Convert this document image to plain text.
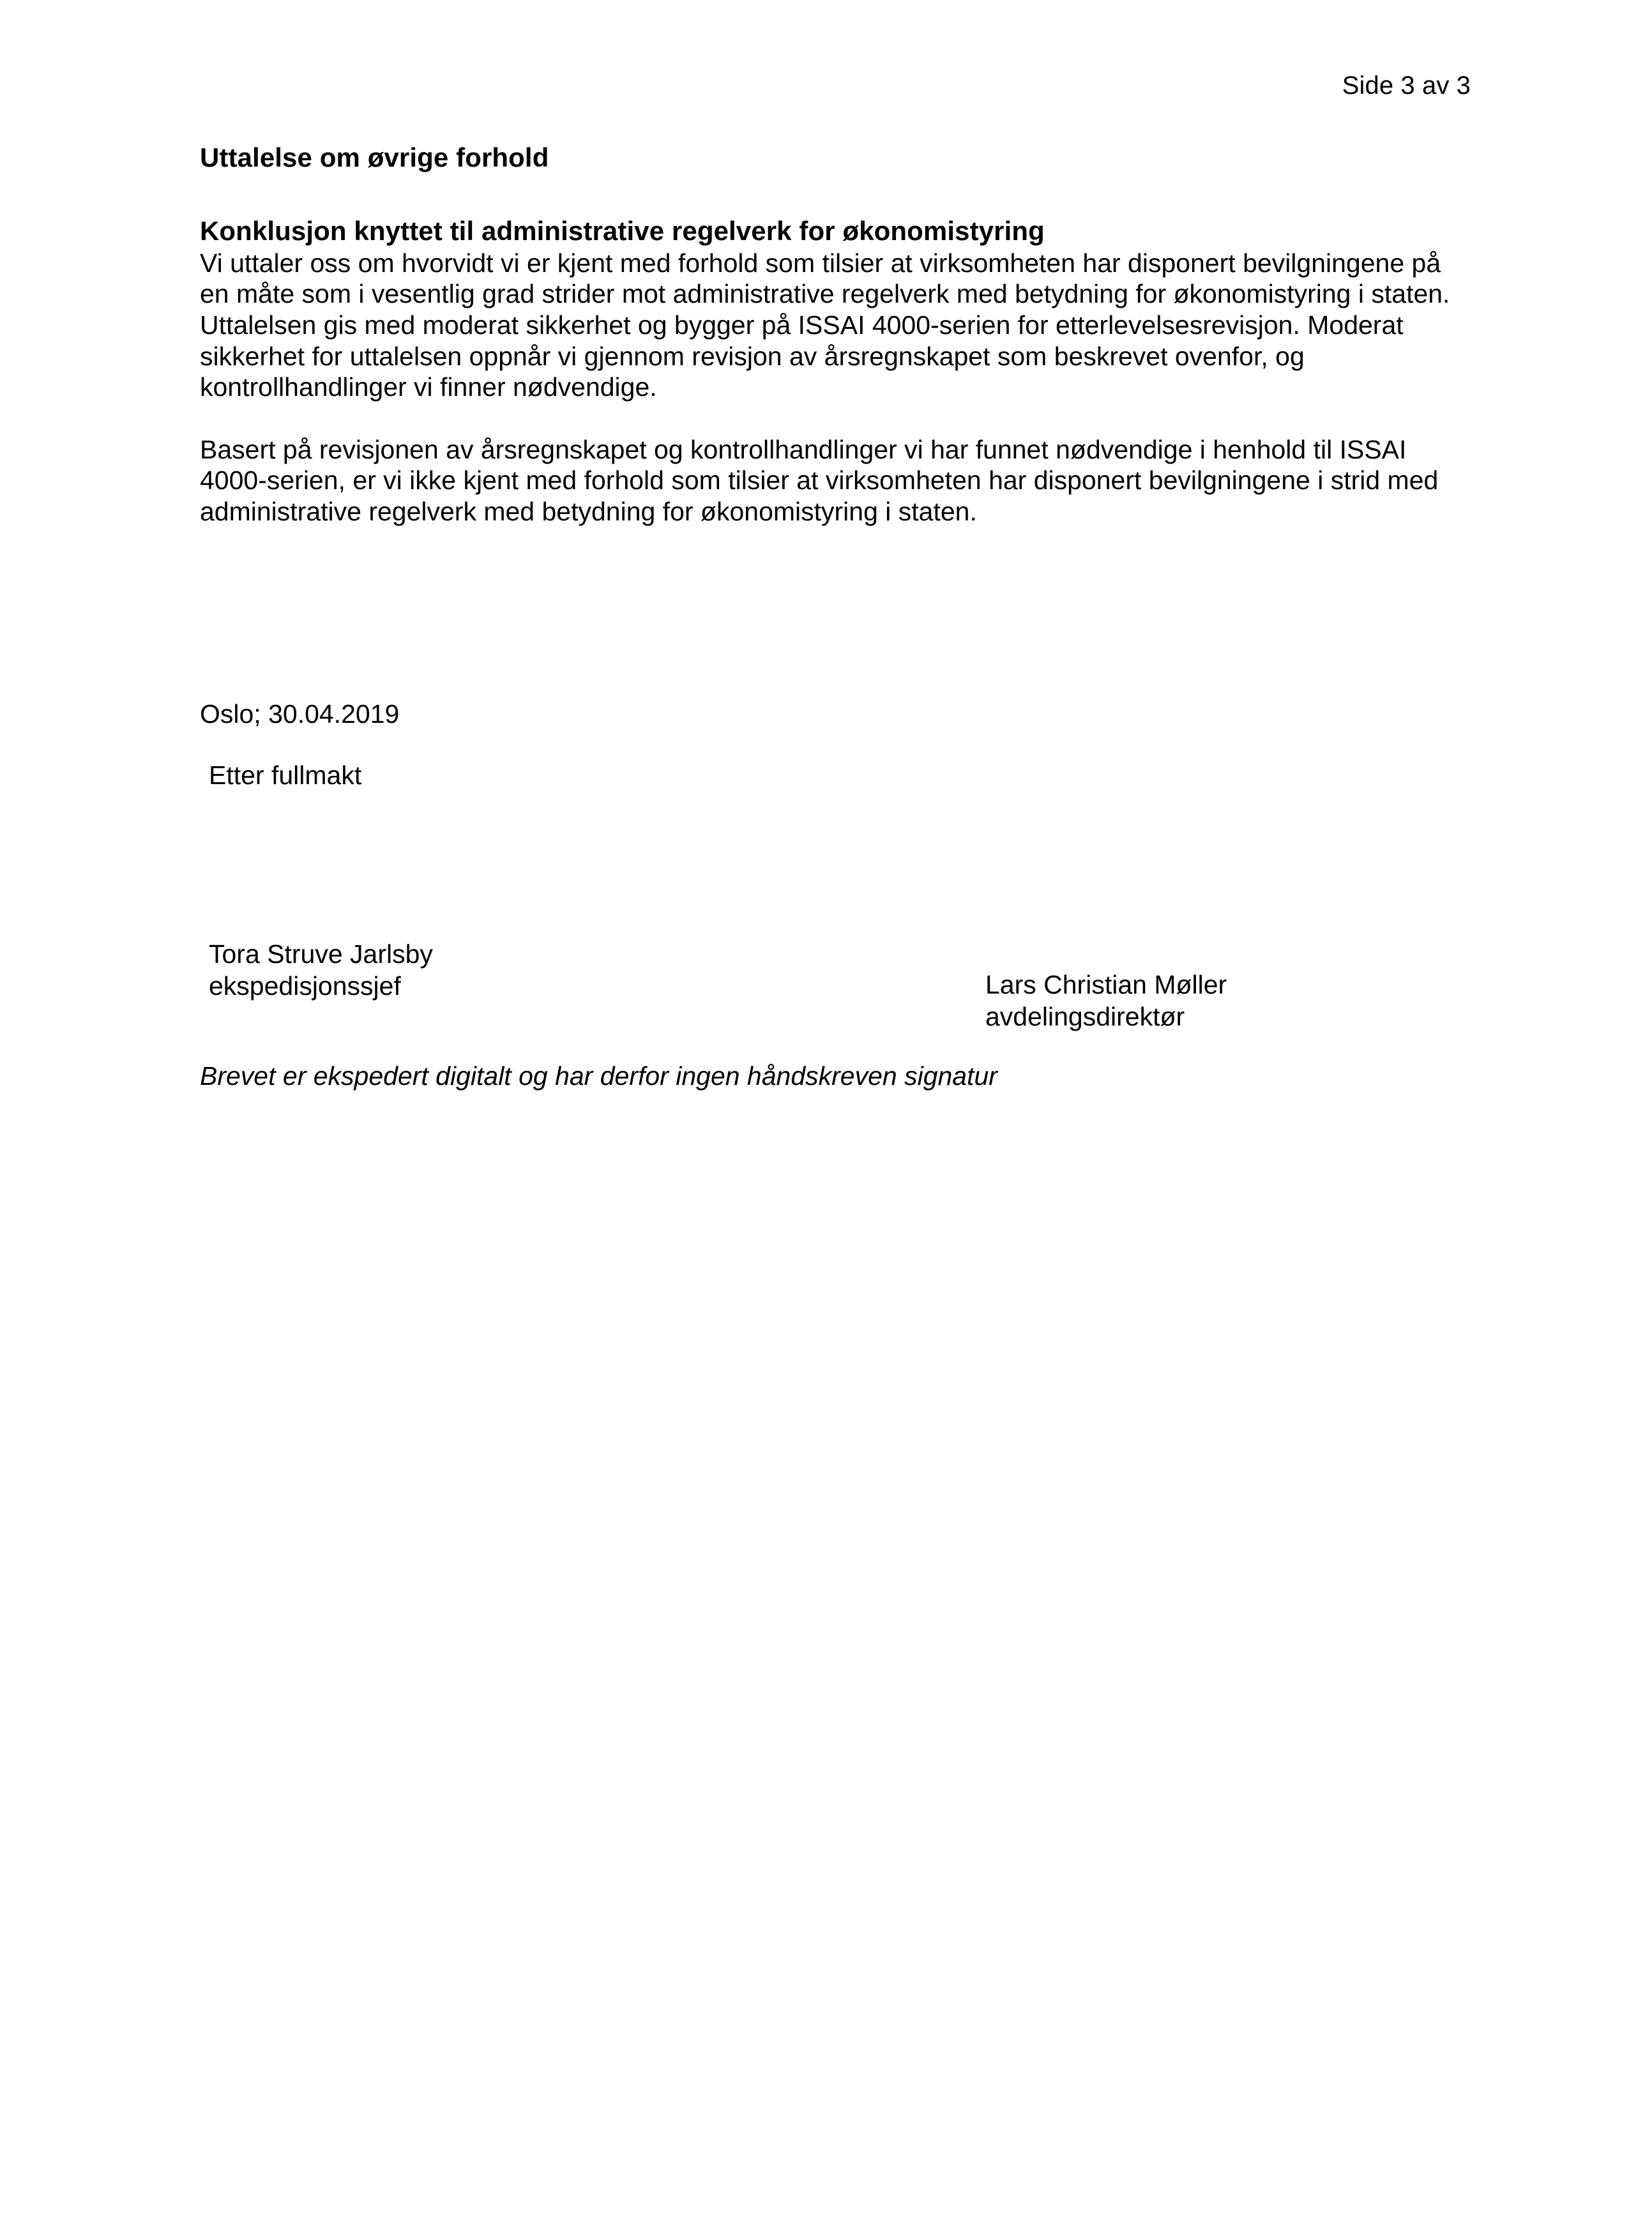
Side 3 av 3
Uttalelse om øvrige forhold
Konklusjon knyttet til administrative regelverk for økonomistyring

Vi uttaler oss om hvorvidt vi er kjent med forhold som tilsier at virksomheten har disponert bevilgningene på en måte som i vesentlig grad strider mot administrative regelverk med betydning for økonomistyring i staten. Uttalelsen gis med moderat sikkerhet og bygger på ISSAI 4000-serien for etterlevelsesrevisjon. Moderat sikkerhet for uttalelsen oppnår vi gjennom revisjon av årsregnskapet som beskrevet ovenfor, og kontrollhandlinger vi finner nødvendige.

Basert på revisjonen av årsregnskapet og kontrollhandlinger vi har funnet nødvendige i henhold til ISSAI 4000-serien, er vi ikke kjent med forhold som tilsier at virksomheten har disponert bevilgningene i strid med administrative regelverk med betydning for økonomistyring i staten.

Oslo; 30.04.2019
Etter fullmakt
Tora Struve Jarlsby
ekspedisjonssjef	Lars Christian Møller
avdelingsdirektør
Brevet er ekspedert digitalt og har derfor ingen håndskreven signatur
